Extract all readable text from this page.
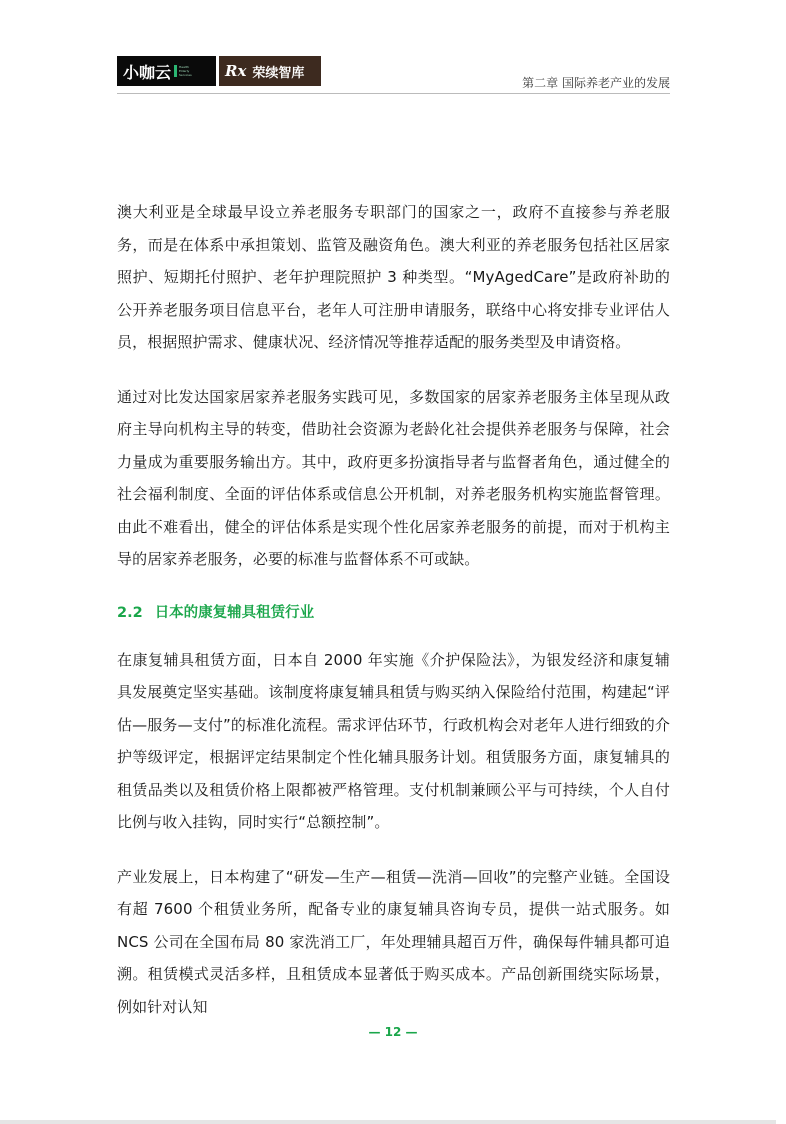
小咖云	Health Elderly Services Rx 荣续智库
第二章 国际养老产业的发展

澳大利亚是全球最早设立养老服务专职部门的国家之一，政府不直接参与养老服务，而是在体系中承担策划、监管及融资角色。澳大利亚的养老服务包括社区居家照护、短期托付照护、老年护理院照护 3 种类型。“MyAgedCare”是政府补助的公开养老服务项目信息平台，老年人可注册申请服务，联络中心将安排专业评估人员，根据照护需求、健康状况、经济情况等推荐适配的服务类型及申请资格。

通过对比发达国家居家养老服务实践可见，多数国家的居家养老服务主体呈现从政府主导向机构主导的转变，借助社会资源为老龄化社会提供养老服务与保障，社会力量成为重要服务输出方。其中，政府更多扮演指导者与监督者角色，通过健全的社会福利制度、全面的评估体系或信息公开机制，对养老服务机构实施监督管理。由此不难看出，健全的评估体系是实现个性化居家养老服务的前提，而对于机构主导的居家养老服务，必要的标准与监督体系不可或缺。

2.2 日本的康复辅具租赁行业

在康复辅具租赁方面，日本自 2000 年实施《介护保险法》，为银发经济和康复辅具发展奠定坚实基础。该制度将康复辅具租赁与购买纳入保险给付范围，构建起“评估—服务—支付”的标准化流程。需求评估环节，行政机构会对老年人进行细致的介护等级评定，根据评定结果制定个性化辅具服务计划。租赁服务方面，康复辅具的租赁品类以及租赁价格上限都被严格管理。支付机制兼顾公平与可持续，个人自付比例与收入挂钩，同时实行“总额控制”。

产业发展上，日本构建了“研发—生产—租赁—洗消—回收”的完整产业链。全国设有超 7600 个租赁业务所，配备专业的康复辅具咨询专员，提供一站式服务。如 NCS 公司在全国布局 80 家洗消工厂，年处理辅具超百万件，确保每件辅具都可追溯。租赁模式灵活多样，且租赁成本显著低于购买成本。产品创新围绕实际场景，例如针对认知

— 12 —
